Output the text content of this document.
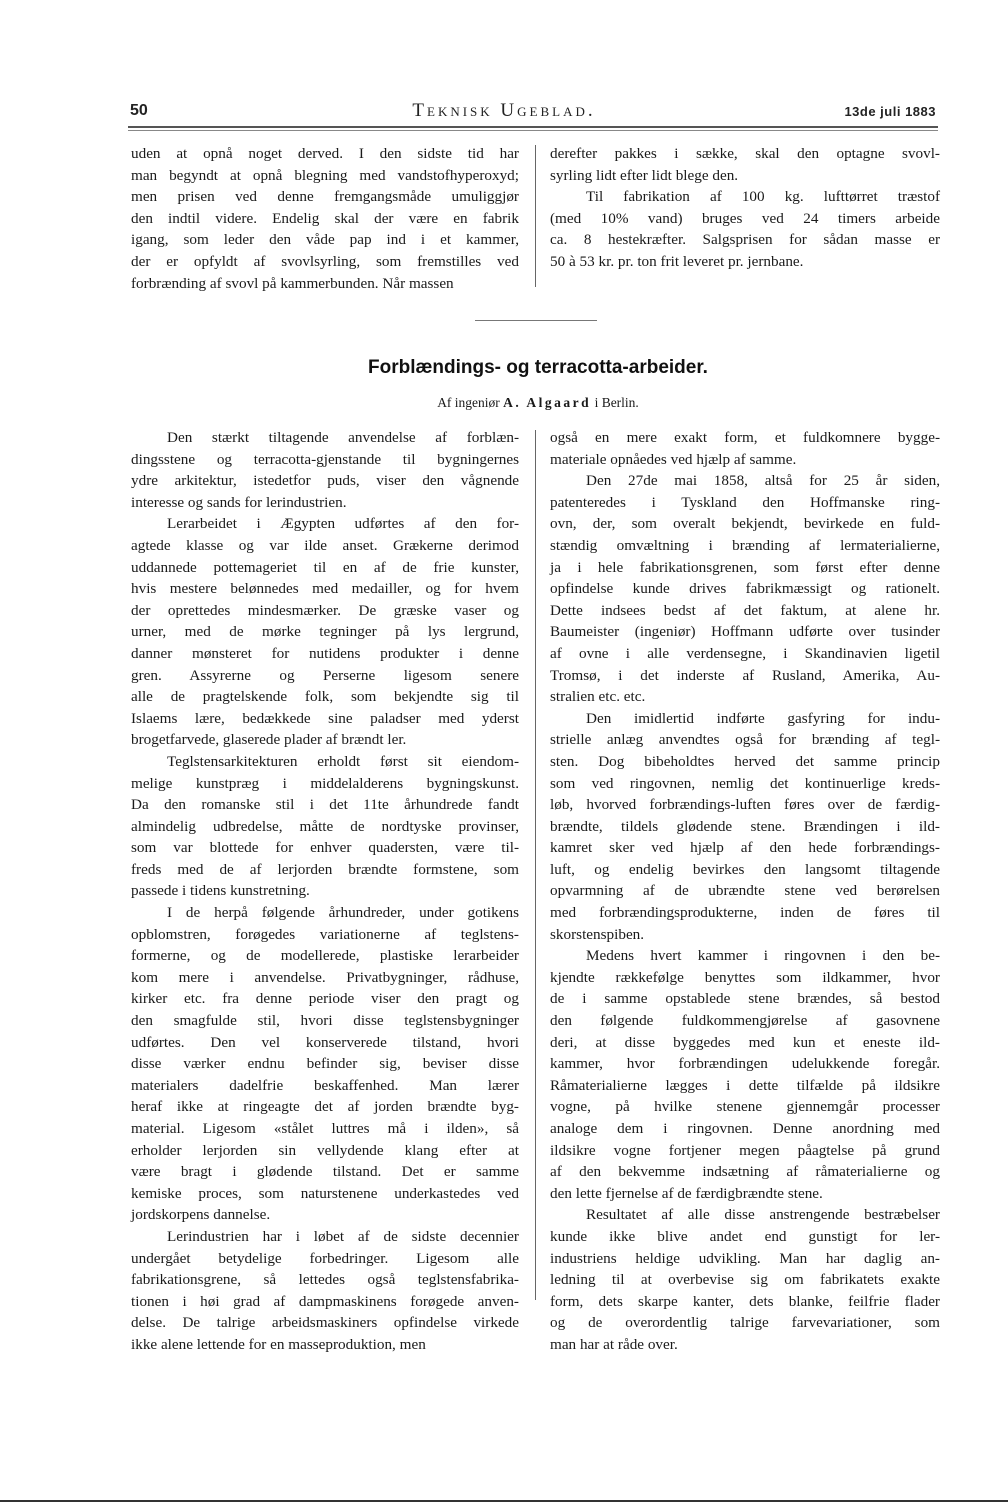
50	Teknisk Ugeblad.	13de juli 1883
uden at opnå noget derved. I den sidste tid har
man begyndt at opnå blegning med vandstofhyperoxyd;
men prisen ved denne fremgangsmåde umuliggjør
den indtil videre. Endelig skal der være en fabrik
igang, som leder den våde pap ind i et kammer,
der er opfyldt af svovlsyrling, som fremstilles ved
forbrænding af svovl på kammerbunden. Når massen
derefter pakkes i sække, skal den optagne svovl-
syrling lidt efter lidt blege den.
Til fabrikation af 100 kg. lufttørret træstof
(med 10% vand) bruges ved 24 timers arbeide
ca. 8 hestekræfter. Salgsprisen for sådan masse er
50 à 53 kr. pr. ton frit leveret pr. jernbane.
Forblændings- og terracotta-arbeider.
Af ingeniør A. Algaard i Berlin.
Den stærkt tiltagende anvendelse af forblæn-
dingsstene og terracotta-gjenstande til bygningernes
ydre arkitektur, istedetfor puds, viser den vågnende
interesse og sands for lerindustrien.
Lerarbeidet i Ægypten udførtes af den for-
agtede klasse og var ilde anset. Grækerne derimod
uddannede pottemageriet til en af de frie kunster,
hvis mestere belønnedes med medailler, og for hvem
der oprettedes mindesmærker. De græske vaser og
urner, med de mørke tegninger på lys lergrund,
danner mønsteret for nutidens produkter i denne
gren. Assyrerne og Perserne ligesom senere
alle de pragtelskende folk, som bekjendte sig til
Islaems lære, bedækkede sine paladser med yderst
brogetfarvede, glaserede plader af brændt ler.
Teglstensarkitekturen erholdt først sit eiendom-
melige kunstpræg i middelalderens bygningskunst.
Da den romanske stil i det 11te århundrede fandt
almindelig udbredelse, måtte de nordtyske provinser,
som var blottede for enhver quadersten, være til-
freds med de af lerjorden brændte formstene, som
passede i tidens kunstretning.
I de herpå følgende århundreder, under gotikens
opblomstren, forøgedes variationerne af teglstens-
formerne, og de modellerede, plastiske lerarbeider
kom mere i anvendelse. Privatbygninger, rådhuse,
kirker etc. fra denne periode viser den pragt og
den smagfulde stil, hvori disse teglstensbygninger
udførtes. Den vel konserverede tilstand, hvori
disse værker endnu befinder sig, beviser disse
materialers dadelfrie beskaffenhed. Man lærer
heraf ikke at ringeagte det af jorden brændte byg-
material. Ligesom «stålet luttres må i ilden», så
erholder lerjorden sin vellydende klang efter at
være bragt i glødende tilstand. Det er samme
kemiske proces, som naturstenene underkastedes ved
jordskorpens dannelse.
Lerindustrien har i løbet af de sidste decennier
undergået betydelige forbedringer. Ligesom alle
fabrikationsgrene, så lettedes også teglstensfabrika-
tionen i høi grad af dampmaskinens forøgede anven-
delse. De talrige arbeidsmaskiners opfindelse virkede
ikke alene lettende for en masseproduktion, men
også en mere exakt form, et fuldkomnere bygge-
materiale opnåedes ved hjælp af samme.
Den 27de mai 1858, altså for 25 år siden,
patenteredes i Tyskland den Hoffmanske ring-
ovn, der, som overalt bekjendt, bevirkede en fuld-
stændig omvæltning i brænding af lermaterialierne,
ja i hele fabrikationsgrenen, som først efter denne
opfindelse kunde drives fabrikmæssigt og rationelt.
Dette indsees bedst af det faktum, at alene hr.
Baumeister (ingeniør) Hoffmann udførte over tusinder
af ovne i alle verdensegne, i Skandinavien ligetil
Tromsø, i det inderste af Rusland, Amerika, Au-
stralien etc. etc.
Den imidlertid indførte gasfyring for indu-
strielle anlæg anvendtes også for brænding af tegl-
sten. Dog bibeholdtes herved det samme princip
som ved ringovnen, nemlig det kontinuerlige kreds-
løb, hvorved forbrændings-luften føres over de færdig-
brændte, tildels glødende stene. Brændingen i ild-
kamret sker ved hjælp af den hede forbrændings-
luft, og endelig bevirkes den langsomt tiltagende
opvarmning af de ubrændte stene ved berørelsen
med forbrændingsprodukterne, inden de føres til
skorstenspiben.
Medens hvert kammer i ringovnen i den be-
kjendte rækkefølge benyttes som ildkammer, hvor
de i samme opstablede stene brændes, så bestod
den følgende fuldkommengjørelse af gasovnene
deri, at disse byggedes med kun et eneste ild-
kammer, hvor forbrændingen udelukkende foregår.
Råmaterialierne lægges i dette tilfælde på ildsikre
vogne, på hvilke stenene gjennemgår processer
analoge dem i ringovnen. Denne anordning med
ildsikre vogne fortjener megen påagtelse på grund
af den bekvemme indsætning af råmaterialierne og
den lette fjernelse af de færdigbrændte stene.
Resultatet af alle disse anstrengende bestræbelser
kunde ikke blive andet end gunstigt for ler-
industriens heldige udvikling. Man har daglig an-
ledning til at overbevise sig om fabrikatets exakte
form, dets skarpe kanter, dets blanke, feilfrie flader
og de overordentlig talrige farvevariationer, som
man har at råde over.
